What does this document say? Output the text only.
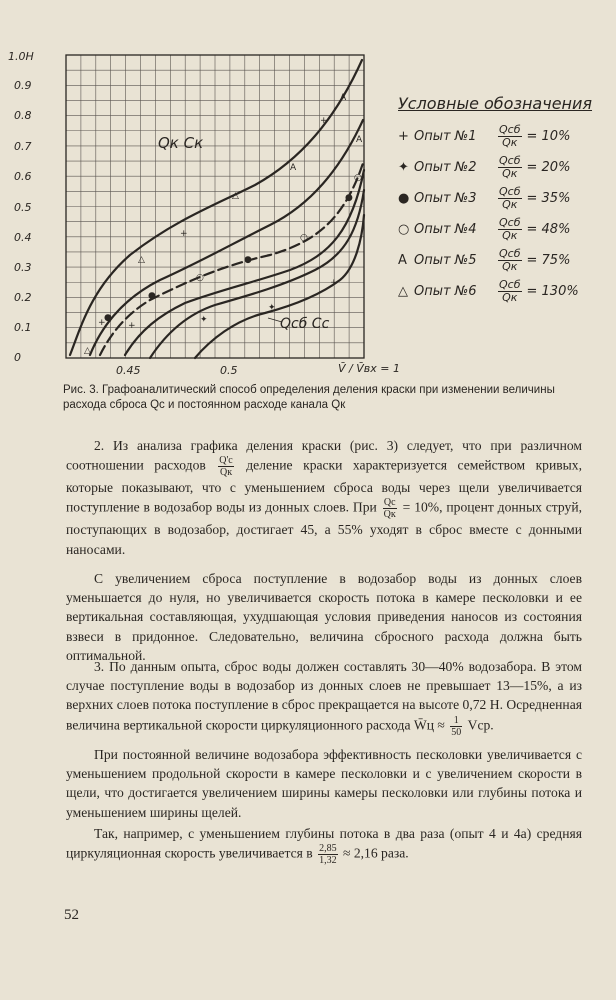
1.0H
0.9
0.8
0.7
0.6
0.5
0.4
0.3
0.2
0.1
0
0.45	0.5	V̄ / V̄вх = 1
+
△
+
△
A
+
A
●
●
○
●
○
●
+
✦
✦
+
△
A
○
Qк Cк
Qсб Cс
Условные обозначения
+ Опыт №1	$\frac{\text{Qсб}}{Qк} = 10\%$
✦ Опыт №2	$\frac{\text{Qсб}}{Qк} = 20\%$
● Опыт №3	$\frac{\text{Qсб}}{Qк} = 35\%$
○ Опыт №4	$\frac{\text{Qсб}}{Qк} = 48\%$
A Опыт №5	$\frac{\text{Qсб}}{Qк} = 75\%$
△ Опыт №6	$\frac{\text{Qсб}}{Qк} = 130\%$
Рис. 3. Графоаналитический способ определения деления краски при изменении величины расхода сброса Qс и постоянном расходе канала Qк
2. Из анализа графика деления краски (рис. 3) следует, что при различном соотношении расходов $\frac{Q'с}{Qк}$ деление краски характеризуется семейством кривых, которые показывают, что с уменьшением сброса воды через щели увеличивается поступление в водозабор воды из донных слоев. При $\frac{Qс}{Qк} = 10\%$, процент донных струй, поступающих в водозабор, достигает 45, а 55% уходят в сброс вместе с донными наносами.
С увеличением сброса поступление в водозабор воды из донных слоев уменьшается до нуля, но увеличивается скорость потока в камере песколовки и ее вертикальная составляющая, ухудшающая условия приведения наносов из состояния взвеси в придонное. Следовательно, величина сбросного расхода должна быть оптимальной.
3. По данным опыта, сброс воды должен составлять 30—40% водозабора. В этом случае поступление воды в водозабор из донных слоев не превышает 13—15%, а из верхних слоев потока поступление в сброс прекращается на высоте 0,72 H. Осредненная величина вертикальной скорости циркуляционного расхода W̄ц ≈ $\frac{1}{50}$ Vср.
При постоянной величине водозабора эффективность песколовки увеличивается с уменьшением продольной скорости в камере песколовки и с увеличением скорости в щели, что достигается увеличением ширины камеры песколовки или глубины потока и уменьшением ширины щелей.
Так, например, с уменьшением глубины потока в два раза (опыт 4 и 4а) средняя циркуляционная скорость увеличивается в $\frac{2,85}{1,32} \approx 2,16$ раза.
52
